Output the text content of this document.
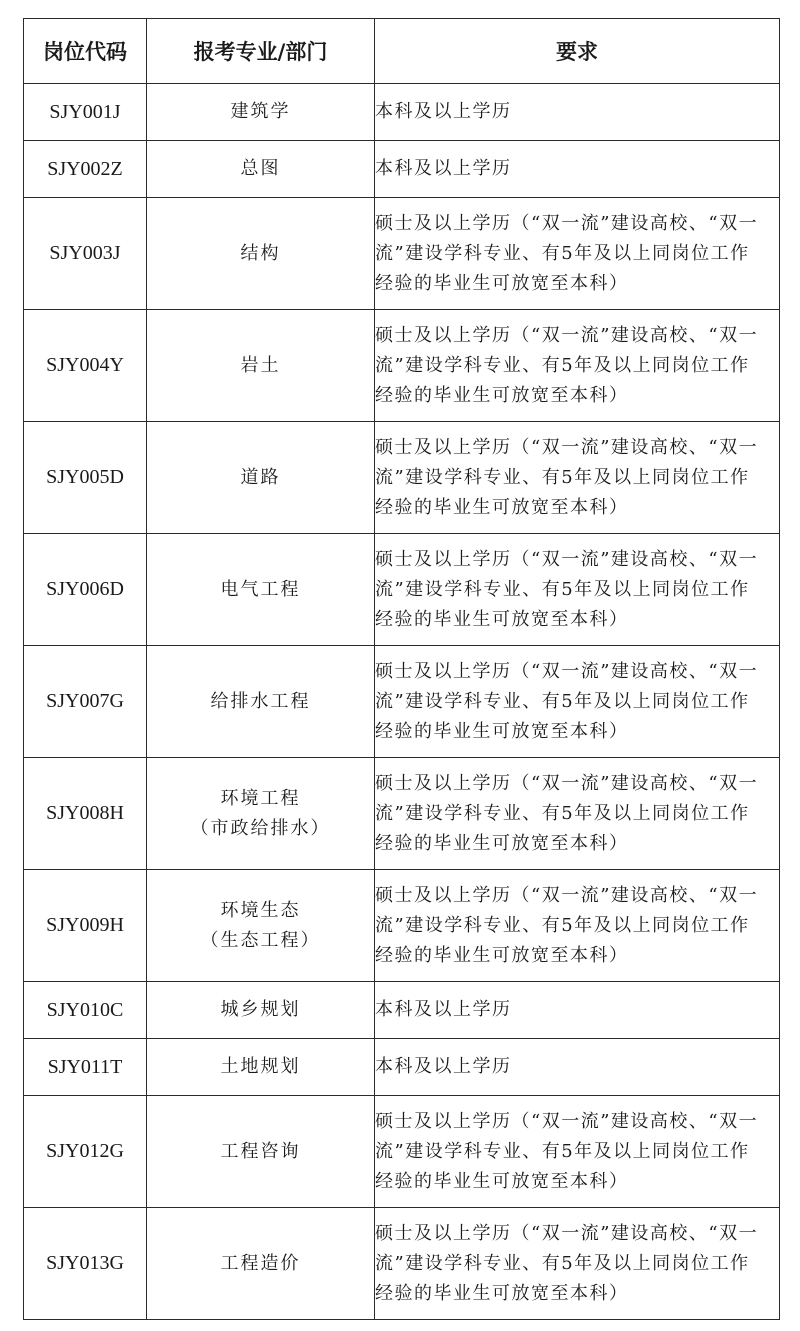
岗位代码	报考专业/部门	要求
SJY001J	建筑学	本科及以上学历

SJY002Z	总图	本科及以上学历

SJY003J	结构	硕士及以上学历（“双一流”建设高校、“双一
流”建设学科专业、有5年及以上同岗位工作
经验的毕业生可放宽至本科）

SJY004Y	岩土	硕士及以上学历（“双一流”建设高校、“双一
流”建设学科专业、有5年及以上同岗位工作
经验的毕业生可放宽至本科）

SJY005D	道路	硕士及以上学历（“双一流”建设高校、“双一
流”建设学科专业、有5年及以上同岗位工作
经验的毕业生可放宽至本科）

SJY006D	电气工程	硕士及以上学历（“双一流”建设高校、“双一
流”建设学科专业、有5年及以上同岗位工作
经验的毕业生可放宽至本科）

SJY007G	给排水工程	硕士及以上学历（“双一流”建设高校、“双一
流”建设学科专业、有5年及以上同岗位工作
经验的毕业生可放宽至本科）

SJY008H	环境工程
（市政给排水）	硕士及以上学历（“双一流”建设高校、“双一
流”建设学科专业、有5年及以上同岗位工作
经验的毕业生可放宽至本科）

SJY009H	环境生态
（生态工程）	硕士及以上学历（“双一流”建设高校、“双一
流”建设学科专业、有5年及以上同岗位工作
经验的毕业生可放宽至本科）

SJY010C	城乡规划	本科及以上学历

SJY011T	土地规划	本科及以上学历

SJY012G	工程咨询	硕士及以上学历（“双一流”建设高校、“双一
流”建设学科专业、有5年及以上同岗位工作
经验的毕业生可放宽至本科）

SJY013G	工程造价	硕士及以上学历（“双一流”建设高校、“双一
流”建设学科专业、有5年及以上同岗位工作
经验的毕业生可放宽至本科）
